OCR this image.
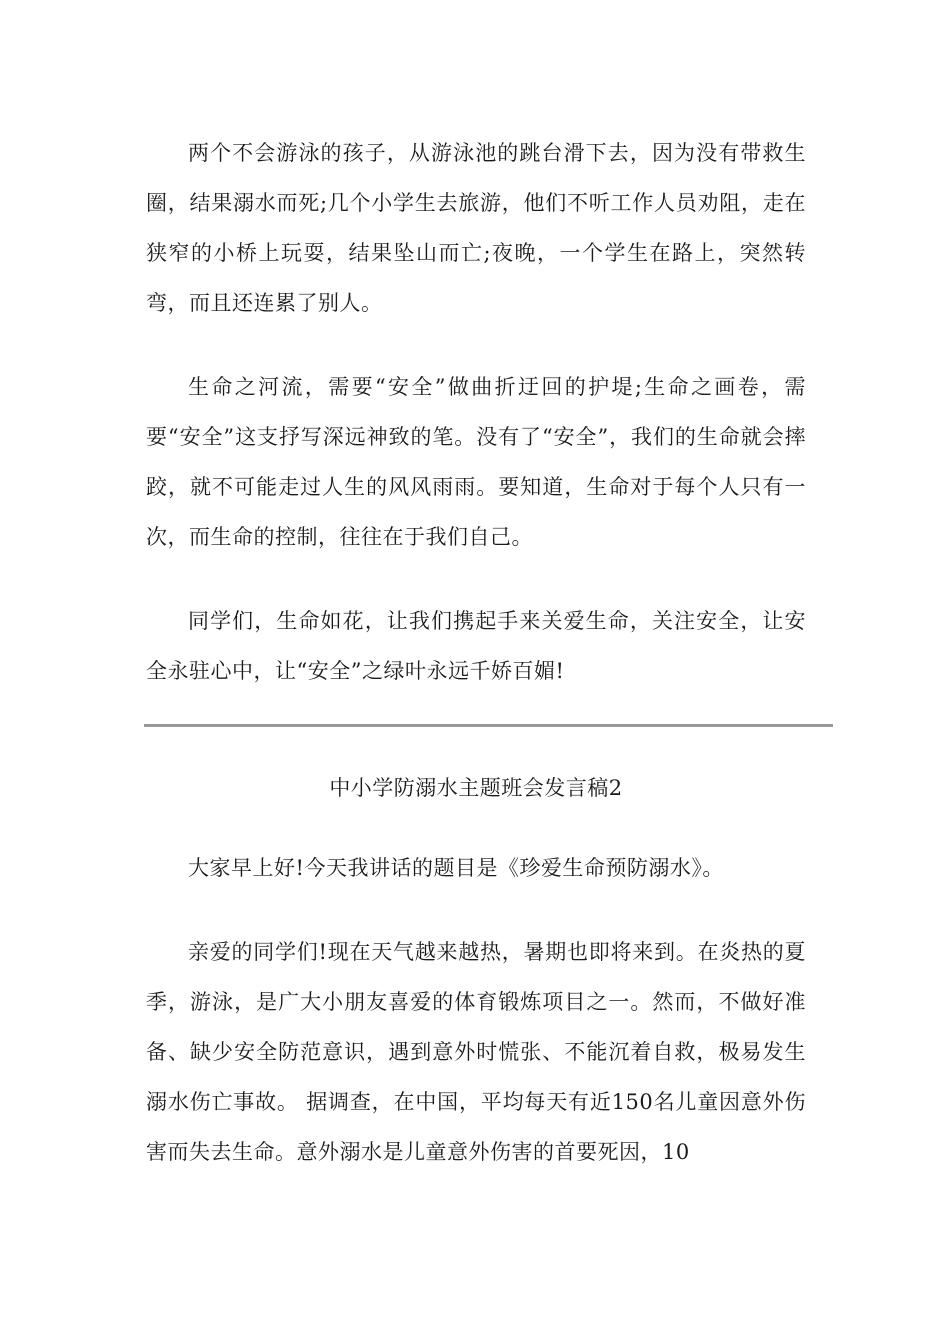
两个不会游泳的孩子，从游泳池的跳台滑下去，因为没有带救生圈，结果溺水而死;几个小学生去旅游，他们不听工作人员劝阻，走在狭窄的小桥上玩耍，结果坠山而亡;夜晚，一个学生在路上，突然转弯，而且还连累了别人。

生命之河流，需要“安全”做曲折迂回的护堤;生命之画卷，需要“安全”这支抒写深远神致的笔。没有了“安全”，我们的生命就会摔跤，就不可能走过人生的风风雨雨。要知道，生命对于每个人只有一次，而生命的控制，往往在于我们自己。

同学们，生命如花，让我们携起手来关爱生命，关注安全，让安全永驻心中，让“安全”之绿叶永远千娇百媚!

中小学防溺水主题班会发言稿2

大家早上好!今天我讲话的题目是《珍爱生命预防溺水》。

亲爱的同学们!现在天气越来越热，暑期也即将来到。在炎热的夏季，游泳，是广大小朋友喜爱的体育锻炼项目之一。然而，不做好准备、缺少安全防范意识，遇到意外时慌张、不能沉着自救，极易发生溺水伤亡事故。 据调查，在中国，平均每天有近150名儿童因意外伤害而失去生命。意外溺水是儿童意外伤害的首要死因，10
